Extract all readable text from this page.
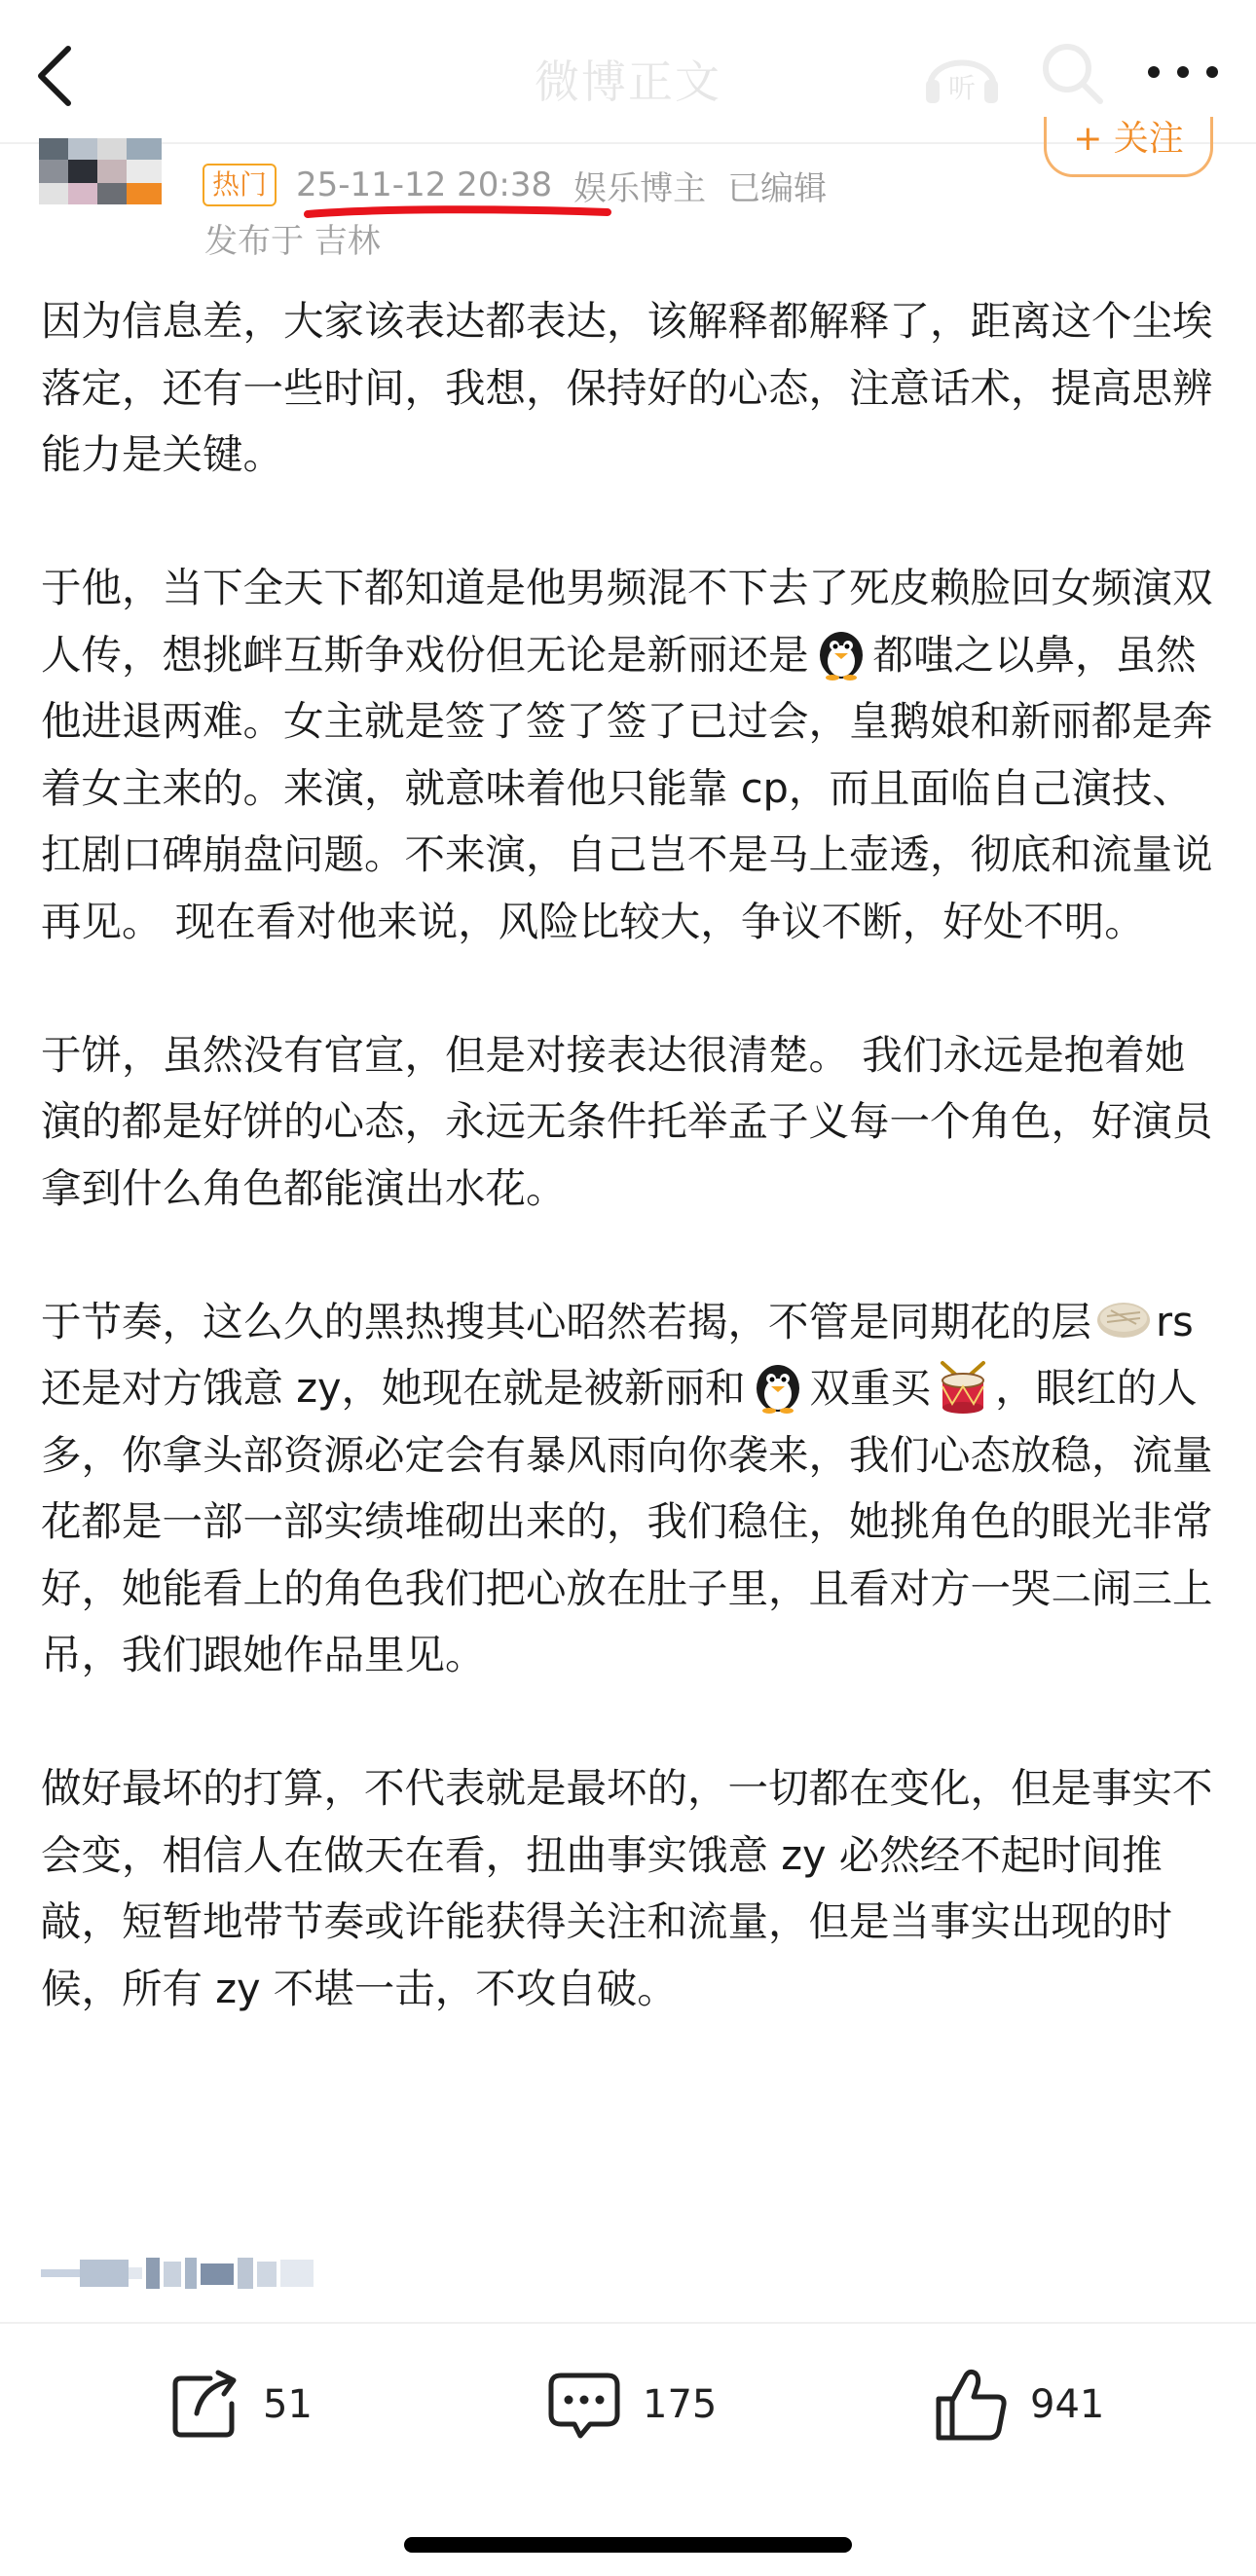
微博正文	听
+ 关注
热门 25-11-12 20:38 娱乐博主 已编辑
发布于 吉林

因为信息差，大家该表达都表达，该解释都解释了，距离这个尘埃落定，还有一些时间，我想，保持好的心态，注意话术，提高思辨能力是关键。

于他，当下全天下都知道是他男频混不下去了死皮赖脸回女频演双人传，想挑衅互斯争戏份但无论是新丽还是 都嗤之以鼻，虽然他进退两难。女主就是签了签了签了已过会，皇鹅娘和新丽都是奔着女主来的。来演，就意味着他只能靠 cp，而且面临自己演技、扛剧口碑崩盘问题。不来演，自己岂不是马上壶透，彻底和流量说再见。 现在看对他来说，风险比较大，争议不断，好处不明。

于饼，虽然没有官宣，但是对接表达很清楚。 我们永远是抱着她演的都是好饼的心态，永远无条件托举孟子义每一个角色，好演员拿到什么角色都能演出水花。

于节奏，这么久的黑热搜其心昭然若揭，不管是同期花的层 rs 还是对方饿意 zy，她现在就是被新丽和 双重买 ，眼红的人多，你拿头部资源必定会有暴风雨向你袭来，我们心态放稳，流量花都是一部一部实绩堆砌出来的，我们稳住，她挑角色的眼光非常好，她能看上的角色我们把心放在肚子里，且看对方一哭二闹三上吊，我们跟她作品里见。

做好最坏的打算，不代表就是最坏的，一切都在变化，但是事实不会变，相信人在做天在看，扭曲事实饿意 zy 必然经不起时间推敲，短暂地带节奏或许能获得关注和流量，但是当事实出现的时候，所有 zy 不堪一击，不攻自破。

51	175	941
